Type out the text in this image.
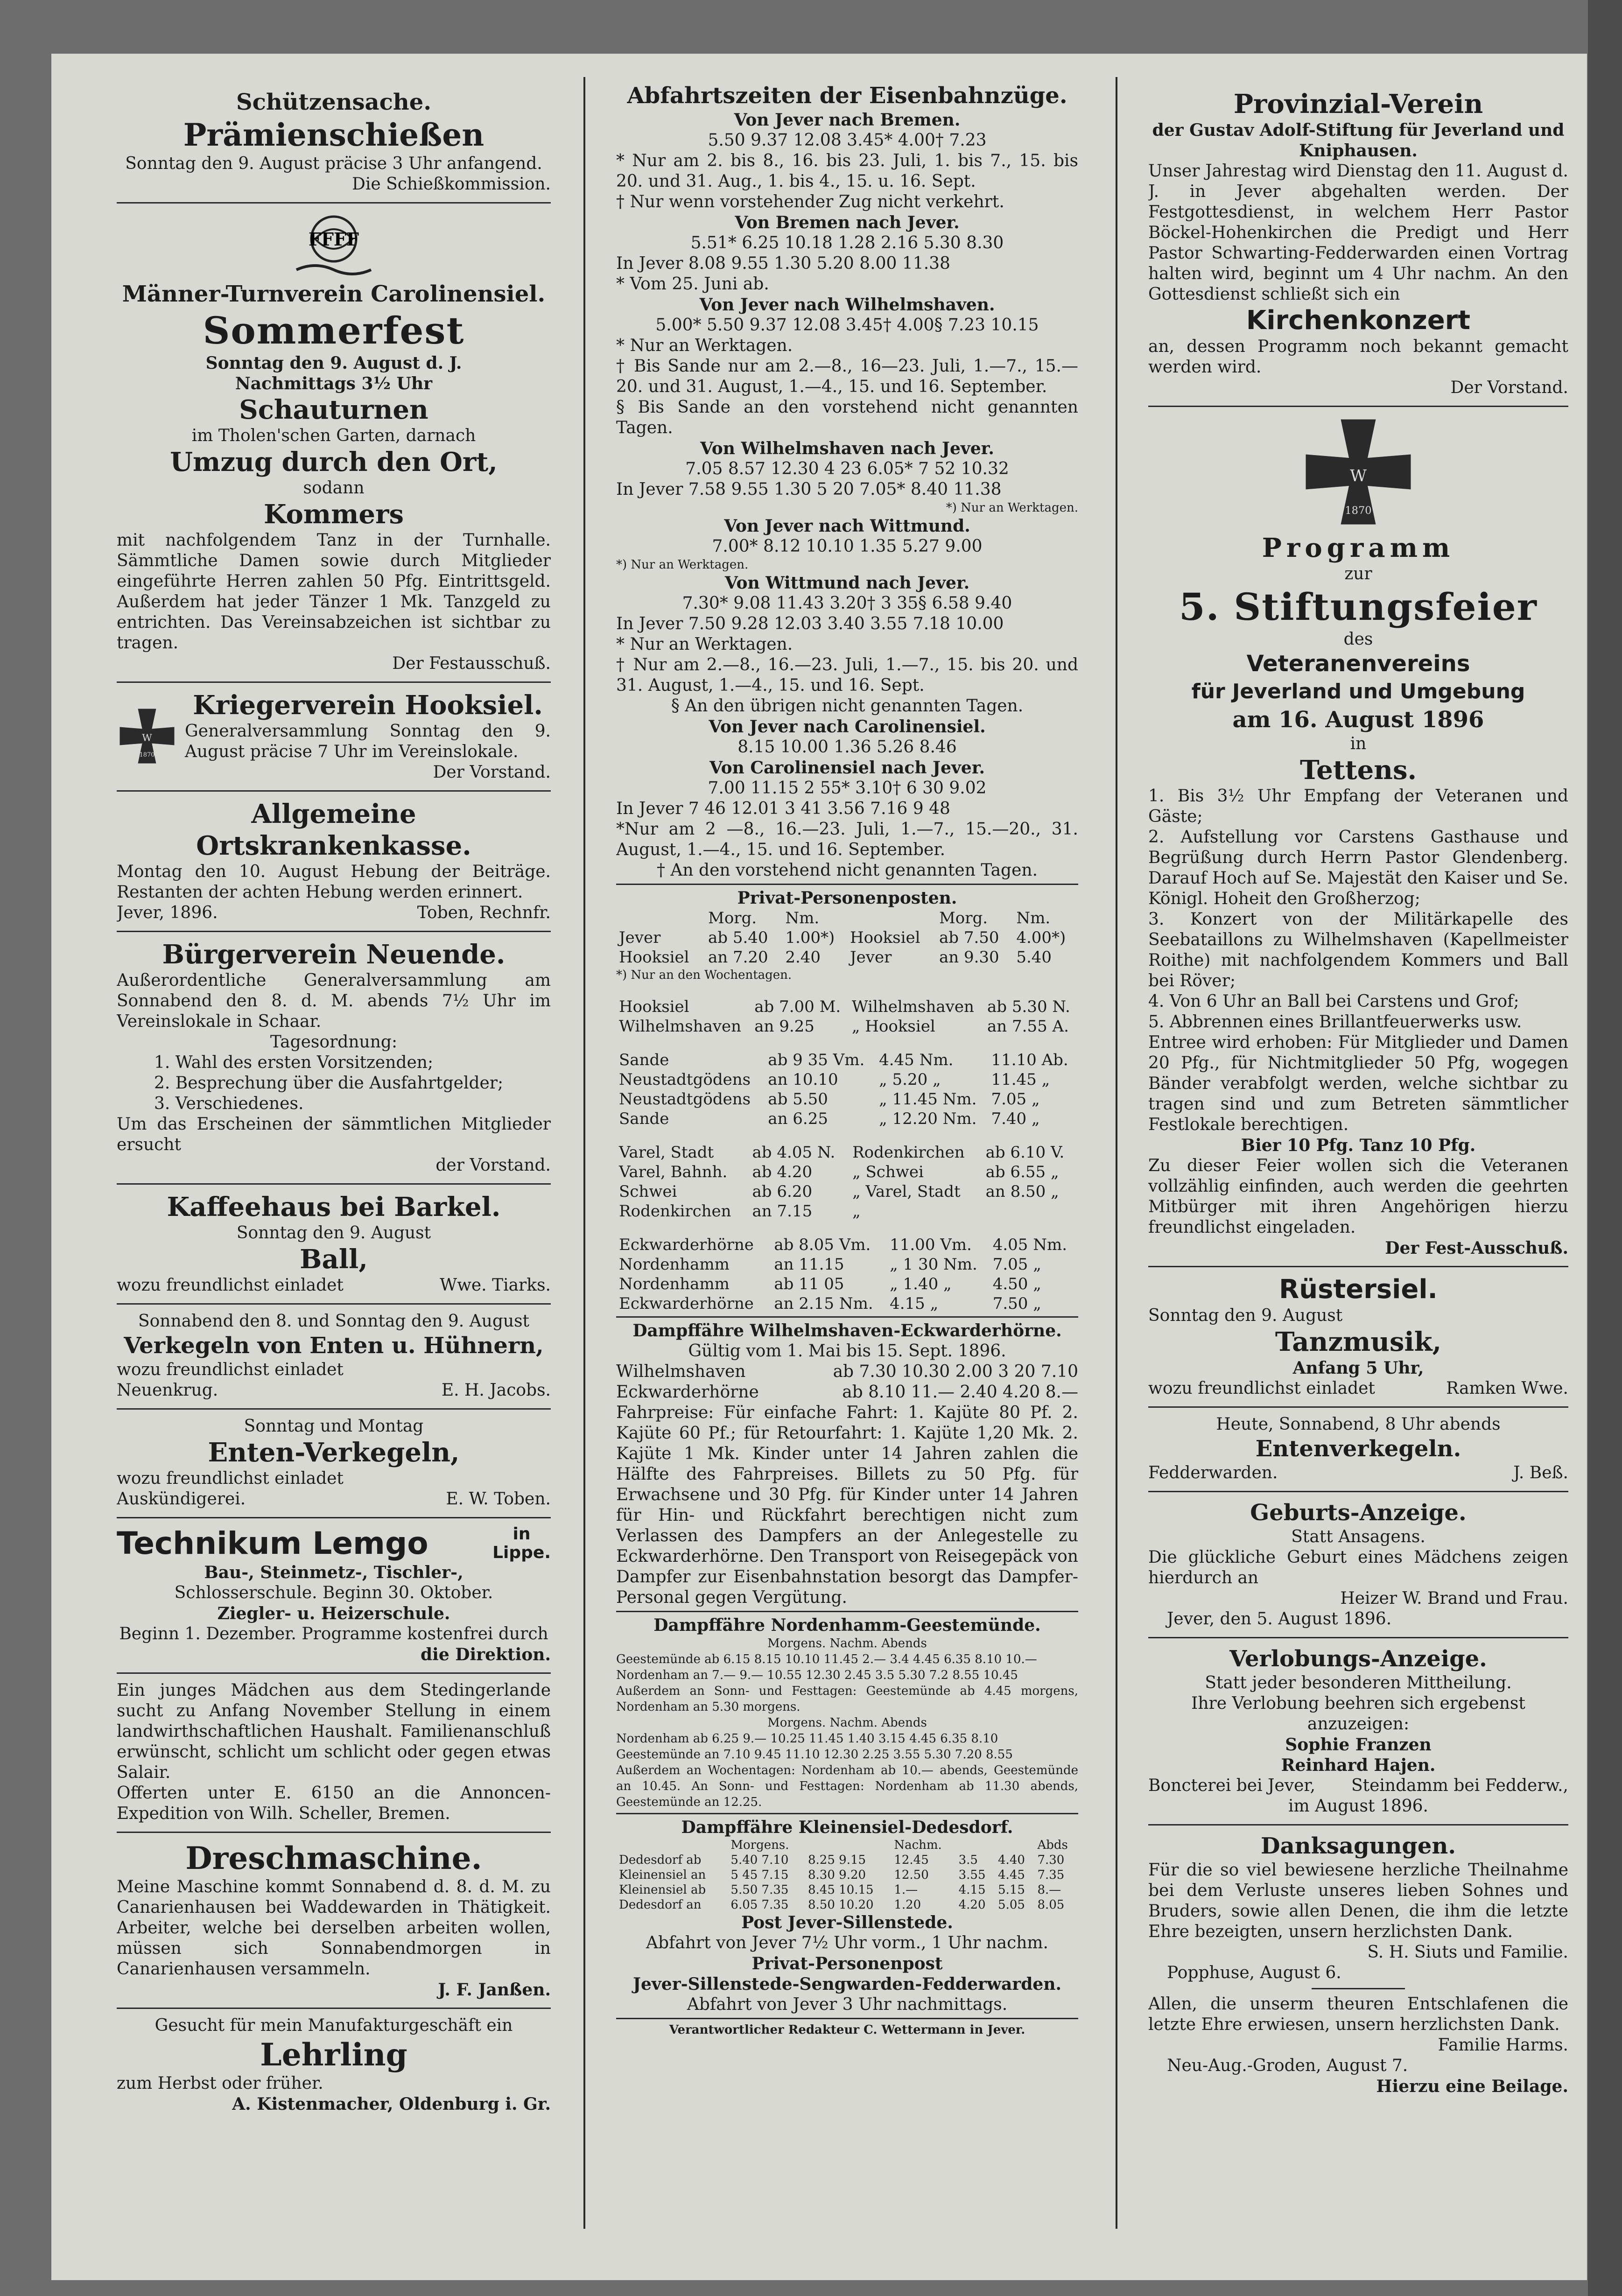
Schützensache.

Prämienschießen

Sonntag den 9. August präcise 3 Uhr anfangend.

Die Schießkommission.

FFFF

Männer-Turnverein Carolinensiel.

Sommerfest

Sonntag den 9. August d. J.

Nachmittags 3½ Uhr

Schauturnen

im Tholen'schen Garten, darnach

Umzug durch den Ort,

sodann

Kommers

mit nachfolgendem Tanz in der Turnhalle. Sämmtliche Damen sowie durch Mitglieder eingeführte Herren zahlen 50 Pfg. Eintrittsgeld. Außerdem hat jeder Tänzer 1 Mk. Tanzgeld zu entrichten. Das Vereinsabzeichen ist sichtbar zu tragen.

Der Festausschuß.

W
1870

Kriegerverein Hooksiel.

Generalversammlung Sonntag den 9. August präcise 7 Uhr im Vereinslokale.

Der Vorstand.

Allgemeine Ortskrankenkasse.

Montag den 10. August Hebung der Beiträge. Restanten der achten Hebung werden erinnert.

Jever, 1896.	Toben, Rechnfr.

Bürgerverein Neuende.

Außerordentliche Generalversammlung am Sonnabend den 8. d. M. abends 7½ Uhr im Vereinslokale in Schaar.

Tagesordnung:

1. Wahl des ersten Vorsitzenden;

2. Besprechung über die Ausfahrtgelder;

3. Verschiedenes.

Um das Erscheinen der sämmtlichen Mitglieder ersucht

der Vorstand.

Kaffeehaus bei Barkel.

Sonntag den 9. August

Ball,

wozu freundlichst einladet	Wwe. Tiarks.

Sonnabend den 8. und Sonntag den 9. August

Verkegeln von Enten u. Hühnern,

wozu freundlichst einladet

Neuenkrug.	E. H. Jacobs.

Sonntag und Montag

Enten-Verkegeln,

wozu freundlichst einladet

Auskündigerei.	E. W. Toben.
Technikum Lemgo	in
Lippe.

Bau-, Steinmetz-, Tischler-,

Schlosserschule. Beginn 30. Oktober.

Ziegler- u. Heizerschule.

Beginn 1. Dezember. Programme kostenfrei durch

die Direktion.

Ein junges Mädchen aus dem Stedingerlande sucht zu Anfang November Stellung in einem landwirthschaftlichen Haushalt. Familienanschluß erwünscht, schlicht um schlicht oder gegen etwas Salair.

Offerten unter E. 6150 an die Annoncen-Expedition von Wilh. Scheller, Bremen.

Dreschmaschine.

Meine Maschine kommt Sonnabend d. 8. d. M. zu Canarienhausen bei Waddewarden in Thätigkeit. Arbeiter, welche bei derselben arbeiten wollen, müssen sich Sonnabendmorgen in Canarienhausen versammeln.

J. F. Janßen.

Gesucht für mein Manufakturgeschäft ein

Lehrling

zum Herbst oder früher.

A. Kistenmacher, Oldenburg i. Gr.

Abfahrtszeiten der Eisenbahnzüge.

Von Jever nach Bremen.

5.50 9.37 12.08 3.45* 4.00† 7.23

* Nur am 2. bis 8., 16. bis 23. Juli, 1. bis 7., 15. bis 20. und 31. Aug., 1. bis 4., 15. u. 16. Sept.

† Nur wenn vorstehender Zug nicht verkehrt.

Von Bremen nach Jever.

5.51* 6.25 10.18 1.28 2.16 5.30 8.30

In Jever 8.08 9.55 1.30 5.20 8.00 11.38

* Vom 25. Juni ab.

Von Jever nach Wilhelmshaven.

5.00* 5.50 9.37 12.08 3.45† 4.00§ 7.23 10.15

* Nur an Werktagen.

† Bis Sande nur am 2.—8., 16—23. Juli, 1.—7., 15.—20. und 31. August, 1.—4., 15. und 16. September.

§ Bis Sande an den vorstehend nicht genannten Tagen.

Von Wilhelmshaven nach Jever.

7.05 8.57 12.30 4 23 6.05* 7 52 10.32

In Jever 7.58 9.55 1.30 5 20 7.05* 8.40 11.38

*) Nur an Werktagen.

Von Jever nach Wittmund.

7.00* 8.12 10.10 1.35 5.27 9.00

*) Nur an Werktagen.

Von Wittmund nach Jever.

7.30* 9.08 11.43 3.20† 3 35§ 6.58 9.40

In Jever 7.50 9.28 12.03 3.40 3.55 7.18 10.00

* Nur an Werktagen.

† Nur am 2.—8., 16.—23. Juli, 1.—7., 15. bis 20. und 31. August, 1.—4., 15. und 16. Sept.

§ An den übrigen nicht genannten Tagen.

Von Jever nach Carolinensiel.

8.15 10.00 1.36 5.26 8.46

Von Carolinensiel nach Jever.

7.00 11.15 2 55* 3.10† 6 30 9.02

In Jever 7 46 12.01 3 41 3.56 7.16 9 48

*Nur am 2 —8., 16.—23. Juli, 1.—7., 15.—20., 31. August, 1.—4., 15. und 16. September.

† An den vorstehend nicht genannten Tagen.

Privat-Personenposten.

	Morg.	Nm.		Morg.	Nm.
Jever	ab 5.40	1.00*)	Hooksiel	ab 7.50	4.00*)
Hooksiel	an 7.20	2.40	Jever	an 9.30	5.40

*) Nur an den Wochentagen.

Hooksiel	ab 7.00 M.	Wilhelmshaven	ab 5.30 N.
Wilhelmshaven	an 9.25	„ Hooksiel	an 7.55 A.
Sande	ab 9 35 Vm.	4.45 Nm.	11.10 Ab.
Neustadtgödens	an 10.10	„ 5.20 „	11.45 „
Neustadtgödens	ab 5.50	„ 11.45 Nm.	7.05 „
Sande	an 6.25	„ 12.20 Nm.	7.40 „
Varel, Stadt	ab 4.05 N.	Rodenkirchen	ab 6.10 V.
Varel, Bahnh.	ab 4.20	„ Schwei	ab 6.55 „
Schwei	ab 6.20	„ Varel, Stadt	an 8.50 „
Rodenkirchen	an 7.15	„	
Eckwarderhörne	ab 8.05 Vm.	11.00 Vm.	4.05 Nm.
Nordenhamm	an 11.15	„ 1 30 Nm.	7.05 „
Nordenhamm	ab 11 05	„ 1.40 „	4.50 „
Eckwarderhörne	an 2.15 Nm.	4.15 „	7.50 „

Dampffähre Wilhelmshaven-Eckwarderhörne.

Gültig vom 1. Mai bis 15. Sept. 1896.

Wilhelmshaven	ab 7.30 10.30 2.00 3 20 7.10
Eckwarderhörne	ab 8.10 11.— 2.40 4.20 8.—

Fahrpreise: Für einfache Fahrt: 1. Kajüte 80 Pf. 2. Kajüte 60 Pf.; für Retourfahrt: 1. Kajüte 1,20 Mk. 2. Kajüte 1 Mk. Kinder unter 14 Jahren zahlen die Hälfte des Fahrpreises. Billets zu 50 Pfg. für Erwachsene und 30 Pfg. für Kinder unter 14 Jahren für Hin- und Rückfahrt berechtigen nicht zum Verlassen des Dampfers an der Anlegestelle zu Eckwarderhörne. Den Transport von Reisegepäck von Dampfer zur Eisenbahnstation besorgt das Dampfer-Personal gegen Vergütung.

Dampffähre Nordenhamm-Geestemünde.

Morgens. Nachm. Abends

Geestemünde ab 6.15 8.15 10.10 11.45 2.— 3.4 4.45 6.35 8.10 10.—

Nordenham an 7.— 9.— 10.55 12.30 2.45 3.5 5.30 7.2 8.55 10.45

Außerdem an Sonn- und Festtagen: Geestemünde ab 4.45 morgens, Nordenham an 5.30 morgens.

Morgens. Nachm. Abends

Nordenham ab 6.25 9.— 10.25 11.45 1.40 3.15 4.45 6.35 8.10

Geestemünde an 7.10 9.45 11.10 12.30 2.25 3.55 5.30 7.20 8.55

Außerdem an Wochentagen: Nordenham ab 10.— abends, Geestemünde an 10.45. An Sonn- und Festtagen: Nordenham ab 11.30 abends, Geestemünde an 12.25.

Dampffähre Kleinensiel-Dedesdorf.

	Morgens.		Nachm.			Abds
Dedesdorf ab	5.40 7.10	8.25 9.15	12.45	3.5	4.40	7.30
Kleinensiel an	5 45 7.15	8.30 9.20	12.50	3.55	4.45	7.35
Kleinensiel ab	5.50 7.35	8.45 10.15	1.—	4.15	5.15	8.—
Dedesdorf an	6.05 7.35	8.50 10.20	1.20	4.20	5.05	8.05

Post Jever-Sillenstede.

Abfahrt von Jever 7½ Uhr vorm., 1 Uhr nachm.

Privat-Personenpost

Jever-Sillenstede-Sengwarden-Fedderwarden.

Abfahrt von Jever 3 Uhr nachmittags.

Verantwortlicher Redakteur C. Wettermann in Jever.

Provinzial-Verein

der Gustav Adolf-Stiftung für Jeverland und Kniphausen.

Unser Jahrestag wird Dienstag den 11. August d. J. in Jever abgehalten werden. Der Festgottesdienst, in welchem Herr Pastor Böckel-Hohenkirchen die Predigt und Herr Pastor Schwarting-Fedderwarden einen Vortrag halten wird, beginnt um 4 Uhr nachm. An den Gottesdienst schließt sich ein

Kirchenkonzert

an, dessen Programm noch bekannt gemacht werden wird.

Der Vorstand.

W
1870

Programm

zur

5. Stiftungsfeier

des

Veteranenvereins

für Jeverland und Umgebung

am 16. August 1896

in

Tettens.

1. Bis 3½ Uhr Empfang der Veteranen und Gäste;

2. Aufstellung vor Carstens Gasthause und Begrüßung durch Herrn Pastor Glendenberg. Darauf Hoch auf Se. Majestät den Kaiser und Se. Königl. Hoheit den Großherzog;

3. Konzert von der Militärkapelle des Seebataillons zu Wilhelmshaven (Kapellmeister Roithe) mit nachfolgendem Kommers und Ball bei Röver;

4. Von 6 Uhr an Ball bei Carstens und Grof;

5. Abbrennen eines Brillantfeuerwerks usw.

Entree wird erhoben: Für Mitglieder und Damen 20 Pfg., für Nichtmitglieder 50 Pfg, wogegen Bänder verabfolgt werden, welche sichtbar zu tragen sind und zum Betreten sämmtlicher Festlokale berechtigen.

Bier 10 Pfg. Tanz 10 Pfg.

Zu dieser Feier wollen sich die Veteranen vollzählig einfinden, auch werden die geehrten Mitbürger mit ihren Angehörigen hierzu freundlichst eingeladen.

Der Fest-Ausschuß.

Rüstersiel.

Sonntag den 9. August

Tanzmusik,

Anfang 5 Uhr,

wozu freundlichst einladet	Ramken Wwe.

Heute, Sonnabend, 8 Uhr abends

Entenverkegeln.

Fedderwarden.	J. Beß.

Geburts-Anzeige.

Statt Ansagens.

Die glückliche Geburt eines Mädchens zeigen hierdurch an

Heizer W. Brand und Frau.

Jever, den 5. August 1896.

Verlobungs-Anzeige.

Statt jeder besonderen Mittheilung.

Ihre Verlobung beehren sich ergebenst anzuzeigen:

Sophie Franzen

Reinhard Hajen.

Boncterei bei Jever, Steindamm bei Fedderw.,

im August 1896.

Danksagungen.

Für die so viel bewiesene herzliche Theilnahme bei dem Verluste unseres lieben Sohnes und Bruders, sowie allen Denen, die ihm die letzte Ehre bezeigten, unsern herzlichsten Dank.

S. H. Siuts und Familie.

Popphuse, August 6.

Allen, die unserm theuren Entschlafenen die letzte Ehre erwiesen, unsern herzlichsten Dank.

Familie Harms.

Neu-Aug.-Groden, August 7.

Hierzu eine Beilage.
